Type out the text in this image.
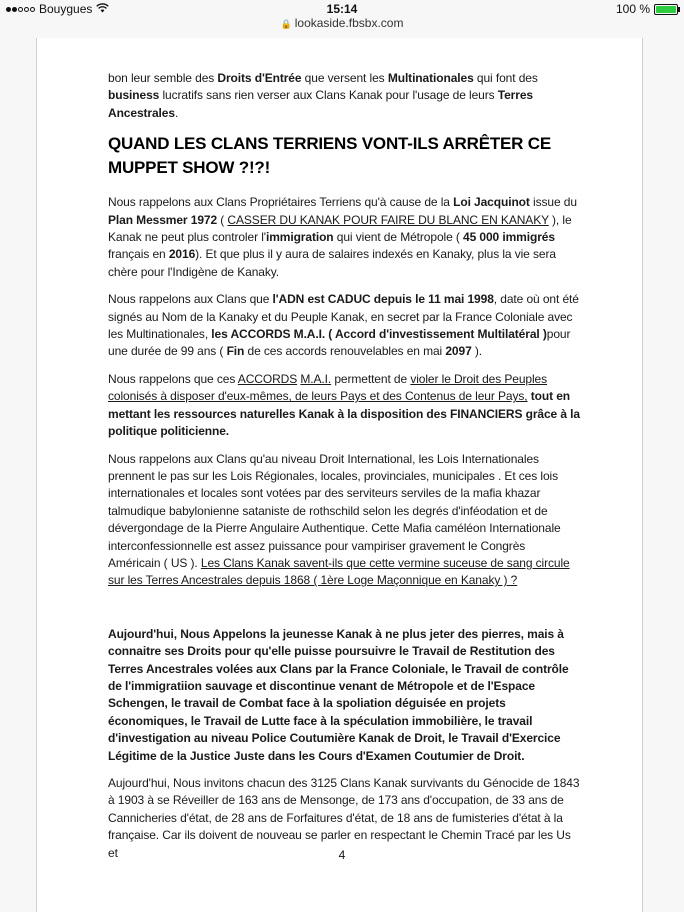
Bouygues	15:14	100 %
🔒 lookaside.fbsbx.com

bon leur semble des Droits d'Entrée que versent les Multinationales qui font des business lucratifs sans rien verser aux Clans Kanak pour l'usage de leurs Terres Ancestrales.

QUAND LES CLANS TERRIENS VONT-ILS ARRÊTER CE MUPPET SHOW ?!?!

Nous rappelons aux Clans Propriétaires Terriens qu'à cause de la Loi Jacquinot issue du Plan Messmer 1972 ( CASSER DU KANAK POUR FAIRE DU BLANC EN KANAKY ), le Kanak ne peut plus controler l'immigration qui vient de Métropole ( 45 000 immigrés français en 2016). Et que plus il y aura de salaires indexés en Kanaky, plus la vie sera chère pour l'Indigène de Kanaky.

Nous rappelons aux Clans que l'ADN est CADUC depuis le 11 mai 1998, date où ont été signés au Nom de la Kanaky et du Peuple Kanak, en secret par la France Coloniale avec les Multinationales, les ACCORDS M.A.I. ( Accord d'investissement Multilatéral )pour une durée de 99 ans ( Fin de ces accords renouvelables en mai 2097 ).

Nous rappelons que ces ACCORDS M.A.I. permettent de violer le Droit des Peuples colonisés à disposer d'eux-mêmes, de leurs Pays et des Contenus de leur Pays, tout en mettant les ressources naturelles Kanak à la disposition des FINANCIERS grâce à la politique politicienne.

Nous rappelons aux Clans qu'au niveau Droit International, les Lois Internationales prennent le pas sur les Lois Régionales, locales, provinciales, municipales . Et ces lois internationales et locales sont votées par des serviteurs serviles de la mafia khazar talmudique babylonienne sataniste de rothschild selon les degrés d'inféodation et de dévergondage de la Pierre Angulaire Authentique. Cette Mafia caméléon Internationale interconfessionnelle est assez puissance pour vampiriser gravement le Congrès Américain ( US ). Les Clans Kanak savent-ils que cette vermine suceuse de sang circule sur les Terres Ancestrales depuis 1868 ( 1ère Loge Maçonnique en Kanaky ) ?

Aujourd'hui, Nous Appelons la jeunesse Kanak à ne plus jeter des pierres, mais à connaitre ses Droits pour qu'elle puisse poursuivre le Travail de Restitution des Terres Ancestrales volées aux Clans par la France Coloniale, le Travail de contrôle de l'immigratiion sauvage et discontinue venant de Métropole et de l'Espace Schengen, le travail de Combat face à la spoliation déguisée en projets économiques, le Travail de Lutte face à la spéculation immobilière, le travail d'investigation au niveau Police Coutumière Kanak de Droit, le Travail d'Exercice Légitime de la Justice Juste dans les Cours d'Examen Coutumier de Droit.

Aujourd'hui, Nous invitons chacun des 3125 Clans Kanak survivants du Génocide de 1843 à 1903 à se Réveiller de 163 ans de Mensonge, de 173 ans d'occupation, de 33 ans de Cannicheries d'état, de 28 ans de Forfaitures d'état, de 18 ans de fumisteries d'état à la française. Car ils doivent de nouveau se parler en respectant le Chemin Tracé par les Us et	4
